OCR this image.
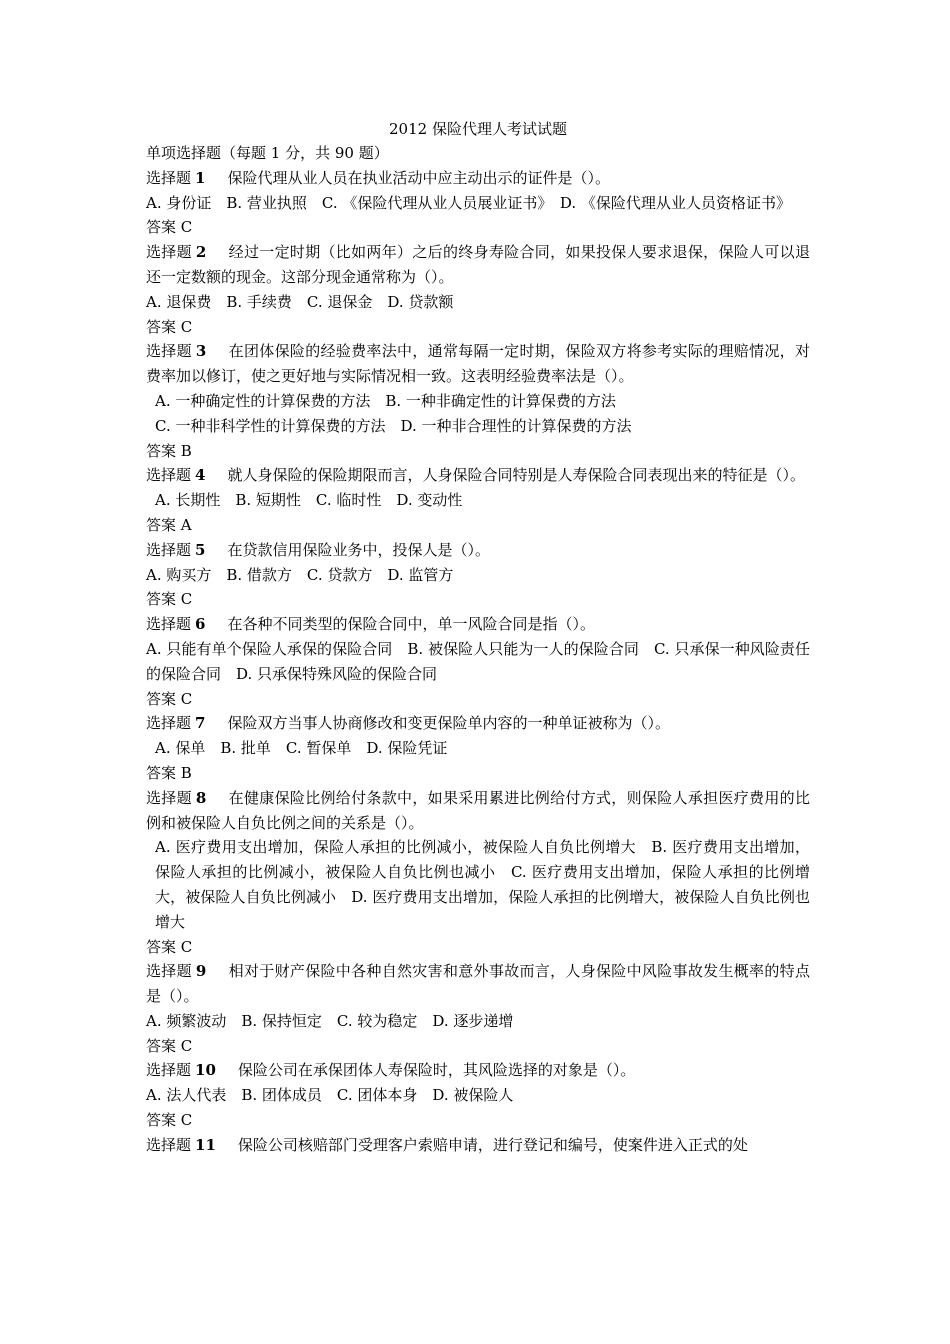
2012 保险代理人考试试题
单项选择题（每题 1 分，共 90 题）
选择题 1 保险代理从业人员在执业活动中应主动出示的证件是（）。
A. 身份证　B. 营业执照　C. 《保险代理从业人员展业证书》　D. 《保险代理从业人员资格证书》
答案 C
选择题 2 经过一定时期（比如两年）之后的终身寿险合同，如果投保人要求退保，保险人可以退还一定数额的现金。这部分现金通常称为（）。
A. 退保费　B. 手续费　C. 退保金　D. 贷款额
答案 C
选择题 3 在团体保险的经验费率法中，通常每隔一定时期，保险双方将参考实际的理赔情况，对费率加以修订，使之更好地与实际情况相一致。这表明经验费率法是（）。
A. 一种确定性的计算保费的方法　B. 一种非确定性的计算保费的方法
C. 一种非科学性的计算保费的方法　D. 一种非合理性的计算保费的方法
答案 B
选择题 4 就人身保险的保险期限而言，人身保险合同特别是人寿保险合同表现出来的特征是（）。
A. 长期性　B. 短期性　C. 临时性　D. 变动性
答案 A
选择题 5 在贷款信用保险业务中，投保人是（）。
A. 购买方　B. 借款方　C. 贷款方　D. 监管方
答案 C
选择题 6 在各种不同类型的保险合同中，单一风险合同是指（）。
A. 只能有单个保险人承保的保险合同　B. 被保险人只能为一人的保险合同　C. 只承保一种风险责任的保险合同　D. 只承保特殊风险的保险合同
答案 C
选择题 7 保险双方当事人协商修改和变更保险单内容的一种单证被称为（）。
A. 保单　B. 批单　C. 暂保单　D. 保险凭证
答案 B
选择题 8 在健康保险比例给付条款中，如果采用累进比例给付方式，则保险人承担医疗费用的比例和被保险人自负比例之间的关系是（）。
A. 医疗费用支出增加，保险人承担的比例减小，被保险人自负比例增大　B. 医疗费用支出增加，保险人承担的比例减小，被保险人自负比例也减小　C. 医疗费用支出增加，保险人承担的比例增大，被保险人自负比例减小　D. 医疗费用支出增加，保险人承担的比例增大，被保险人自负比例也增大
答案 C
选择题 9 相对于财产保险中各种自然灾害和意外事故而言，人身保险中风险事故发生概率的特点是（）。
A. 频繁波动　B. 保持恒定　C. 较为稳定　D. 逐步递增
答案 C
选择题 10 保险公司在承保团体人寿保险时，其风险选择的对象是（）。
A. 法人代表　B. 团体成员　C. 团体本身　D. 被保险人
答案 C
选择题 11 保险公司核赔部门受理客户索赔申请，进行登记和编号，使案件进入正式的处
